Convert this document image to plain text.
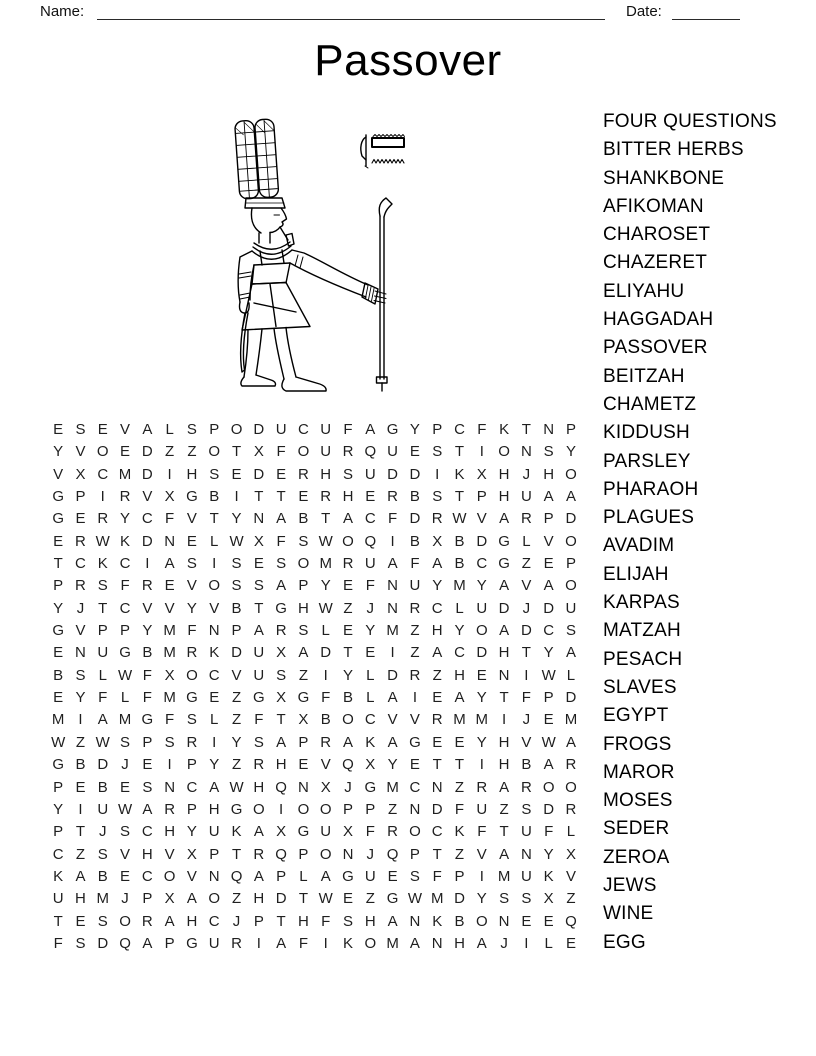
Name:	Date:
Passover
FOUR QUESTIONS
BITTER HERBS
SHANKBONE
AFIKOMAN
CHAROSET
CHAZERET
ELIYAHU
HAGGADAH
PASSOVER
BEITZAH
CHAMETZ
KIDDUSH
PARSLEY
PHARAOH
PLAGUES
AVADIM
ELIJAH
KARPAS
MATZAH
PESACH
SLAVES
EGYPT
FROGS
MAROR
MOSES
SEDER
ZEROA
JEWS
WINE
EGG
E S E V A L S P O D U C U F A G Y P C F K T N P
Y V O E D Z Z O T X F O U R Q U E S T	I O N S Y
V X C M D I H S E D E R H S U D D I	K X H J H O
G P	I R V X G B	I	T T E R H E R B S T P H U A A
G E R Y C F V T Y N A B T A C F D R W V A R P D
E R W K D N E L W X F S W O Q I	B X B D G L V O
T C K C I	A S	I	S E S O M R U A F A B C G Z E P
P R S F R E V O S S A P Y E F N U Y M Y A V A O
Y J T C V V Y V B T G H W Z J N R C L U D J D U
G V P P Y M F N P A R S L E Y M Z H Y O A D C S
E N U G B M R K D U X A D T E	I	Z A C D H T Y A
B S L W F X O C V U S Z	I	Y L D R Z H E N I W L
E Y F L F M G E Z G X G F B L A	I	E A Y T F P D
M I	A M G F S L Z F T X B O C V V R M M I	J E M
W Z W S P S R I	Y S A P R A K A G E E Y H V W A
G B D J E	I	P Y Z R H E V Q X Y E T T	I H B A R
P E B E S N C A W H Q N X J G M C N Z R A R O O
Y	I U W A R P H G O I O O P P Z N D F U Z S D R
P T J S C H Y U K A X G U X F R O C K F T U F L
C Z S V H V X P T R Q P O N J Q P T Z V A N Y X
K A B E C O V N Q A P L A G U E S F P	I M U K V
U H M J P X A O Z H D T W E Z G W M D Y S S X Z
T E S O R A H C J P T H F S H A N K B O N E E Q
F S D Q A P G U R I	A F	I	K O M A N H A J	I	L E
